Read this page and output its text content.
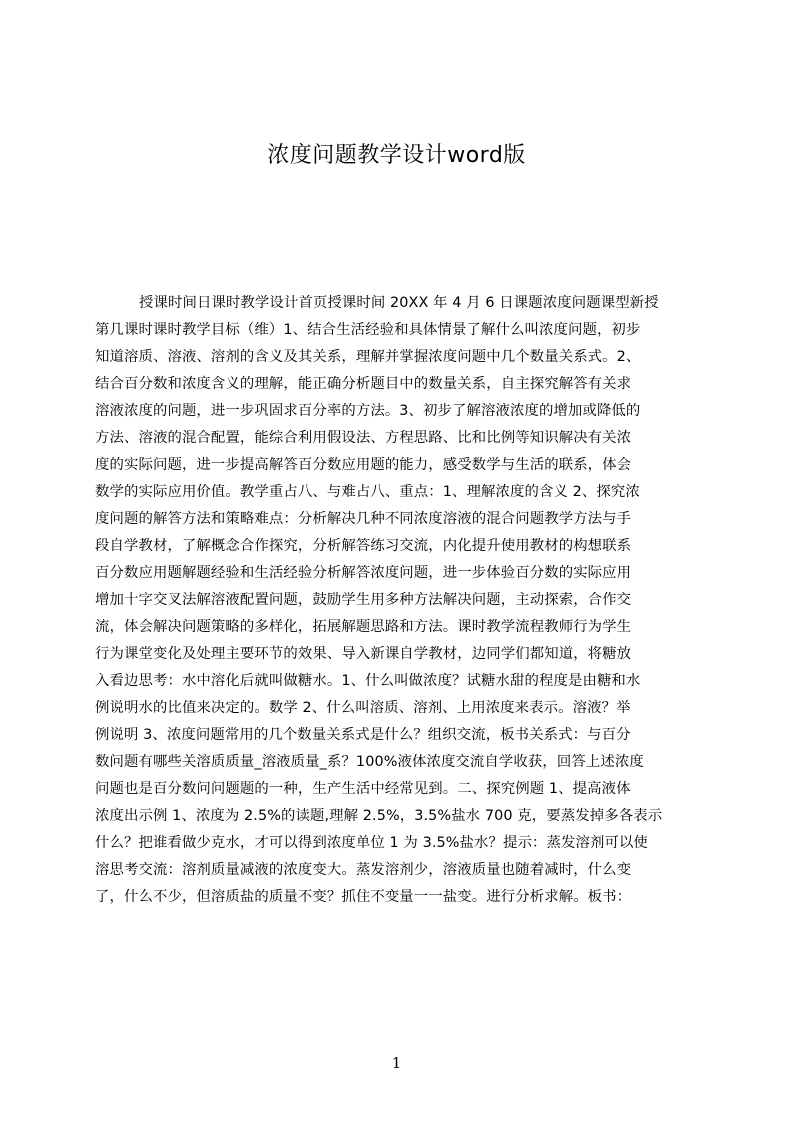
浓度问题教学设计word版
授课时间日课时教学设计首页授课时间 20XX 年 4 月 6 日课题浓度问题课型新授
第几课时课时教学目标（维）1、结合生活经验和具体情景了解什么叫浓度问题，初步
知道溶质、溶液、溶剂的含义及其关系，理解并掌握浓度问题中几个数量关系式。2、
结合百分数和浓度含义的理解，能正确分析题目中的数量关系，自主探究解答有关求
溶液浓度的问题，进一步巩固求百分率的方法。3、初步了解溶液浓度的增加或降低的
方法、溶液的混合配置，能综合利用假设法、方程思路、比和比例等知识解决有关浓
度的实际问题，进一步提高解答百分数应用题的能力，感受数学与生活的联系，体会
数学的实际应用价值。教学重占八、与难占八、重点：1、理解浓度的含义 2、探究浓
度问题的解答方法和策略难点：分析解决几种不同浓度溶液的混合问题教学方法与手
段自学教材，了解概念合作探究，分析解答练习交流，内化提升使用教材的构想联系
百分数应用题解题经验和生活经验分析解答浓度问题，进一步体验百分数的实际应用
增加十字交叉法解溶液配置问题，鼓励学生用多种方法解决问题，主动探索，合作交
流，体会解决问题策略的多样化，拓展解题思路和方法。课时教学流程教师行为学生
行为课堂变化及处理主要环节的效果、导入新课自学教材，边同学们都知道，将糖放
入看边思考：水中溶化后就叫做糖水。1、什么叫做浓度？试糖水甜的程度是由糖和水
例说明水的比值来决定的。数学 2、什么叫溶质、溶剂、上用浓度来表示。溶液？举
例说明 3、浓度问题常用的几个数量关系式是什么？组织交流，板书关系式：与百分
数问题有哪些关溶质质量_溶液质量_系？100%液体浓度交流自学收获，回答上述浓度
问题也是百分数问问题题的一种，生产生活中经常见到。二、探究例题 1、提高液体
浓度出示例 1、浓度为 2.5%的读题,理解 2.5%，3.5%盐水 700 克，要蒸发掉多各表示
什么？把谁看做少克水，才可以得到浓度单位 1 为 3.5%盐水？提示：蒸发溶剂可以使
溶思考交流：溶剂质量减液的浓度变大。蒸发溶剂少，溶液质量也随着减时，什么变
了，什么不少，但溶质盐的质量不变？抓住不变量一一盐变。进行分析求解。板书：
1
